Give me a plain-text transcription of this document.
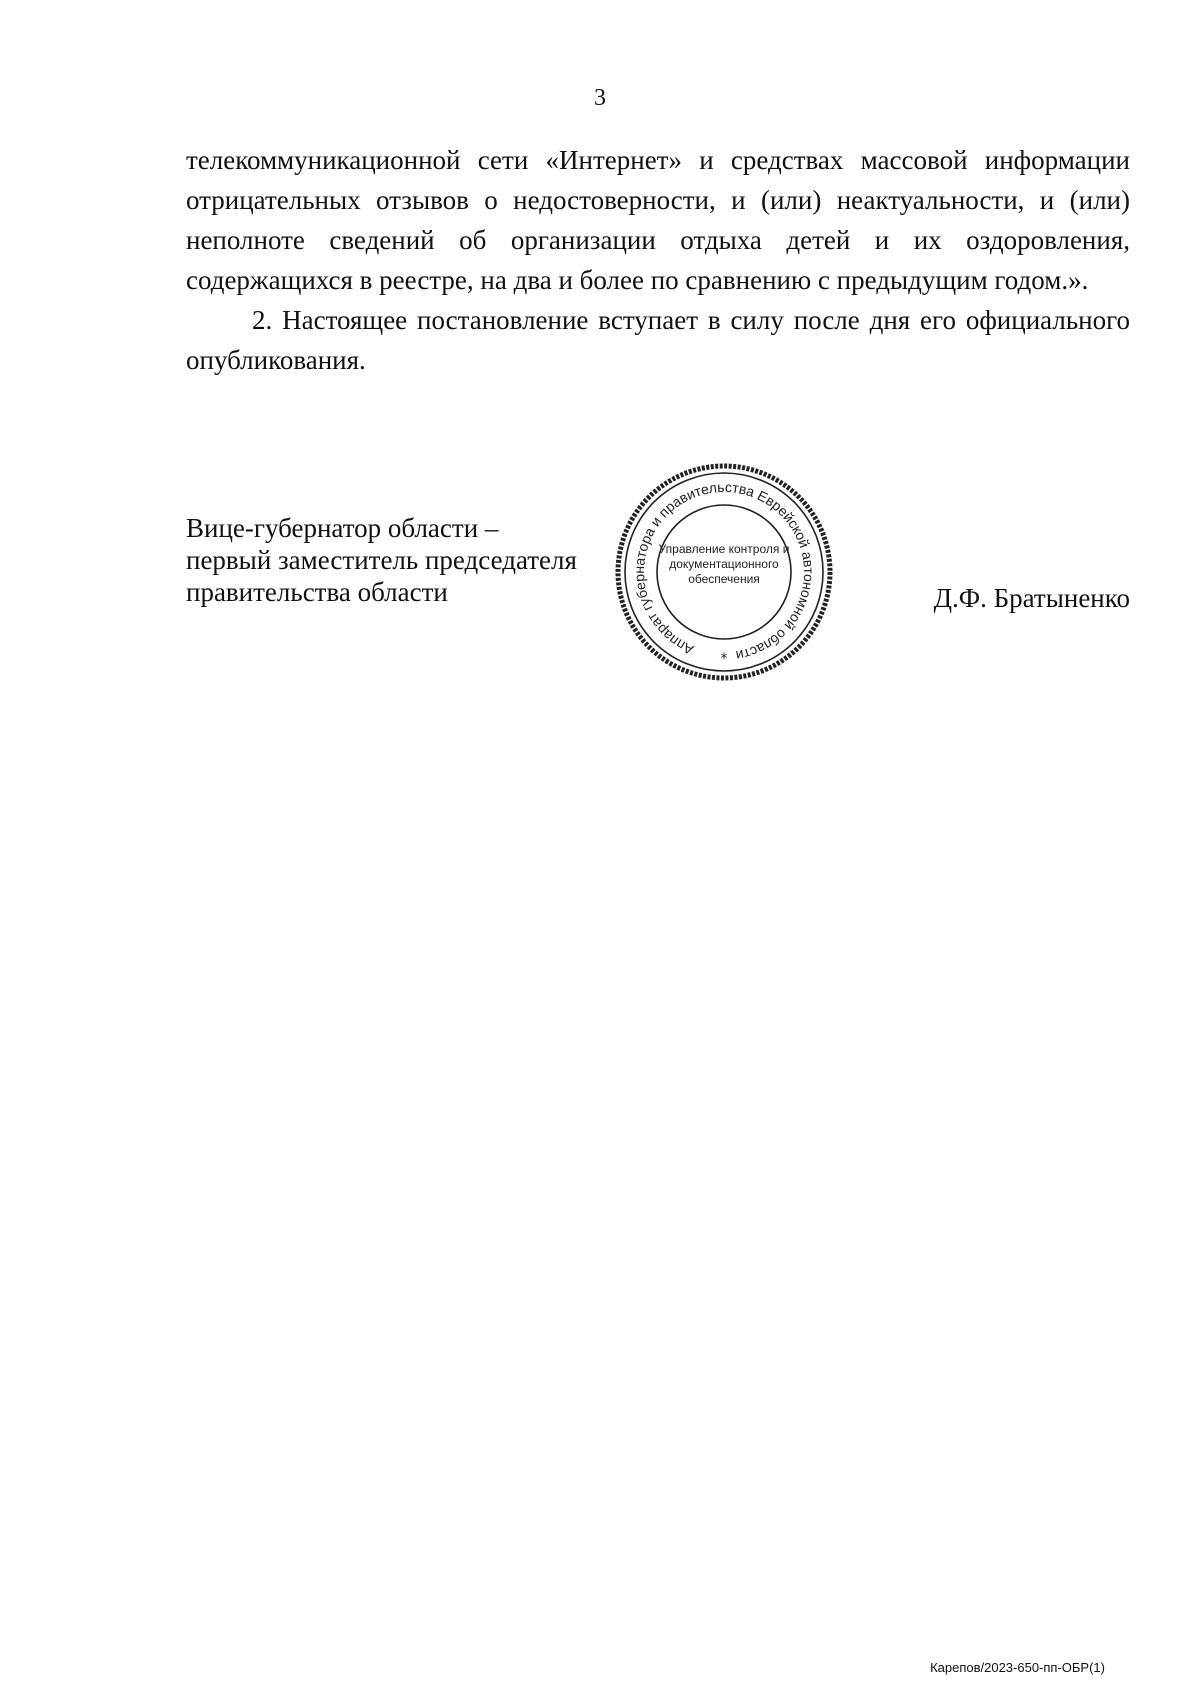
3

телекоммуникационной сети «Интернет» и средствах массовой информации отрицательных отзывов о недостоверности, и (или) неактуальности, и (или) неполноте сведений об организации отдыха детей и их оздоровления, содержащихся в реестре, на два и более по сравнению с предыдущим годом.».

2. Настоящее постановление вступает в силу после дня его официального опубликования.

Вице-губернатор области –
первый заместитель председателя
правительства области
Аппарат губернатора и правительства Еврейской автономной области
Управление контроля и
документационного
обеспечения
*
Д.Ф. Братыненко
Карепов/2023-650-пп-ОБР(1)
